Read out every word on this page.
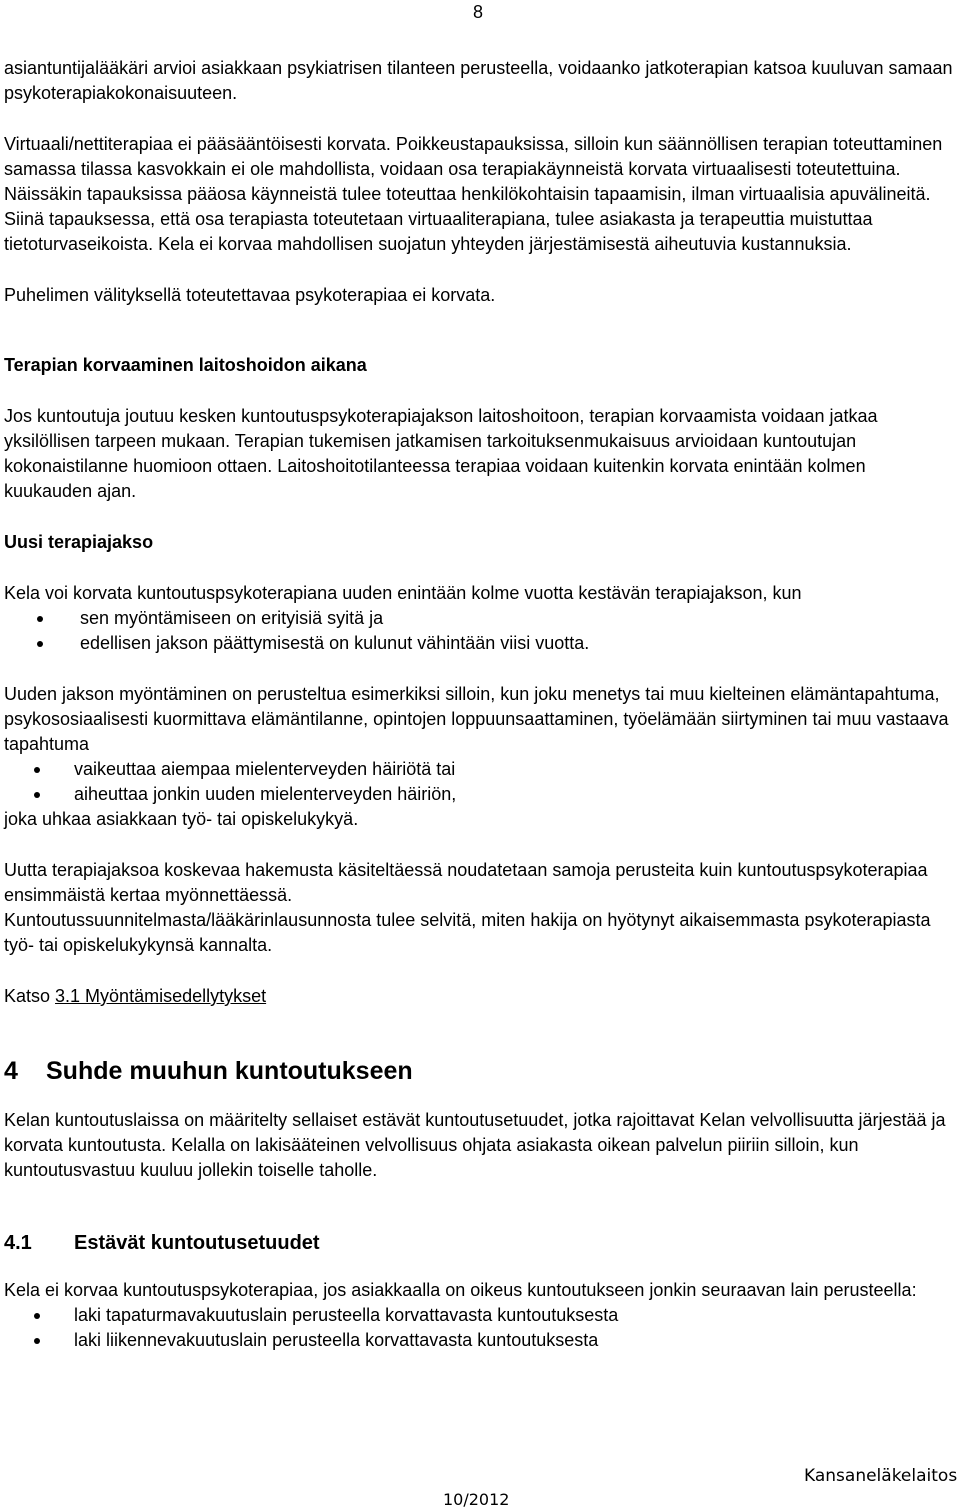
8

asiantuntijalääkäri arvioi asiakkaan psykiatrisen tilanteen perusteella, voidaanko jatkoterapian katsoa kuuluvan samaan psykoterapiakokonaisuuteen.

Virtuaali/nettiterapiaa ei pääsääntöisesti korvata. Poikkeustapauksissa, silloin kun säännöllisen terapian toteuttaminen samassa tilassa kasvokkain ei ole mahdollista, voidaan osa terapiakäynneistä korvata virtuaalisesti toteutettuina. Näissäkin tapauksissa pääosa käynneistä tulee toteuttaa henkilökohtaisin tapaamisin, ilman virtuaalisia apuvälineitä. Siinä tapauksessa, että osa terapiasta toteutetaan virtuaaliterapiana, tulee asiakasta ja terapeuttia muistuttaa tietoturvaseikoista. Kela ei korvaa mahdollisen suojatun yhteyden järjestämisestä aiheutuvia kustannuksia.

Puhelimen välityksellä toteutettavaa psykoterapiaa ei korvata.

Terapian korvaaminen laitoshoidon aikana

Jos kuntoutuja joutuu kesken kuntoutuspsykoterapiajakson laitoshoitoon, terapian korvaamista voidaan jatkaa yksilöllisen tarpeen mukaan. Terapian tukemisen jatkamisen tarkoituksenmukaisuus arvioidaan kuntoutujan kokonaistilanne huomioon ottaen. Laitoshoitotilanteessa terapiaa voidaan kuitenkin korvata enintään kolmen kuukauden ajan.

Uusi terapiajakso

Kela voi korvata kuntoutuspsykoterapiana uuden enintään kolme vuotta kestävän terapiajakson, kun

sen myöntämiseen on erityisiä syitä ja
edellisen jakson päättymisestä on kulunut vähintään viisi vuotta.

Uuden jakson myöntäminen on perusteltua esimerkiksi silloin, kun joku menetys tai muu kielteinen elämäntapahtuma, psykososiaalisesti kuormittava elämäntilanne, opintojen loppuunsaattaminen, työelämään siirtyminen tai muu vastaava tapahtuma

vaikeuttaa aiempaa mielenterveyden häiriötä tai
aiheuttaa jonkin uuden mielenterveyden häiriön,

joka uhkaa asiakkaan työ- tai opiskelukykyä.

Uutta terapiajaksoa koskevaa hakemusta käsiteltäessä noudatetaan samoja perusteita kuin kuntoutuspsykoterapiaa ensimmäistä kertaa myönnettäessä.

Kuntoutussuunnitelmasta/lääkärinlausunnosta tulee selvitä, miten hakija on hyötynyt aikaisemmasta psykoterapiasta työ- tai opiskelukykynsä kannalta.

Katso 3.1 Myöntämisedellytykset

4 Suhde muuhun kuntoutukseen

Kelan kuntoutuslaissa on määritelty sellaiset estävät kuntoutusetuudet, jotka rajoittavat Kelan velvollisuutta järjestää ja korvata kuntoutusta. Kelalla on lakisääteinen velvollisuus ohjata asiakasta oikean palvelun piiriin silloin, kun kuntoutusvastuu kuuluu jollekin toiselle taholle.

4.1 Estävät kuntoutusetuudet

Kela ei korvaa kuntoutuspsykoterapiaa, jos asiakkaalla on oikeus kuntoutukseen jonkin seuraavan lain perusteella:

laki tapaturmavakuutuslain perusteella korvattavasta kuntoutuksesta
laki liikennevakuutuslain perusteella korvattavasta kuntoutuksesta
Kansaneläkelaitos
10/2012
